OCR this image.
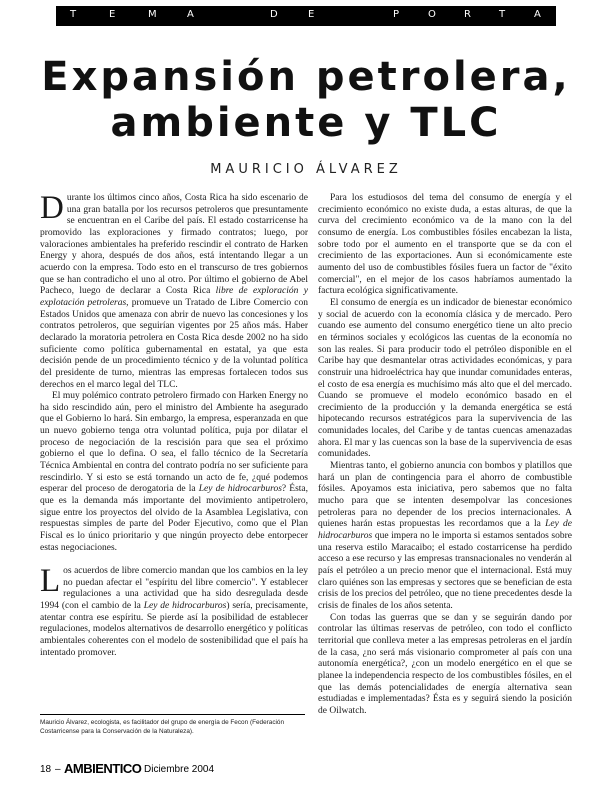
T	E	M	A	D	E	P	O	R	T	A	D	A
Expansión petrolera,
ambiente y TLC
MAURICIO ÁLVAREZ

Durante los últimos cinco años, Costa Rica ha sido escenario de una gran batalla por los recursos petroleros que presuntamente se encuentran en el Caribe del país. El estado costarricense ha promovido las exploraciones y firmado contratos; luego, por valoraciones ambientales ha preferido rescindir el contrato de Harken Energy y ahora, después de dos años, está intentando llegar a un acuerdo con la empresa. Todo esto en el transcurso de tres gobiernos que se han contradicho el uno al otro. Por último el gobierno de Abel Pacheco, luego de declarar a Costa Rica libre de exploración y explotación petroleras, promueve un Tratado de Libre Comercio con Estados Unidos que amenaza con abrir de nuevo las concesiones y los contratos petroleros, que seguirían vigentes por 25 años más. Haber declarado la moratoria petrolera en Costa Rica desde 2002 no ha sido suficiente como política gubernamental en estatal, ya que esta decisión pende de un procedimiento técnico y de la voluntad política del presidente de turno, mientras las empresas fortalecen todos sus derechos en el marco legal del TLC.

El muy polémico contrato petrolero firmado con Harken Energy no ha sido rescindido aún, pero el ministro del Ambiente ha asegurado que el Gobierno lo hará. Sin embargo, la empresa, esperanzada en que un nuevo gobierno tenga otra voluntad política, puja por dilatar el proceso de negociación de la rescisión para que sea el próximo gobierno el que lo defina. O sea, el fallo técnico de la Secretaría Técnica Ambiental en contra del contrato podría no ser suficiente para rescindirlo. Y si esto se está tornando un acto de fe, ¿qué podemos esperar del proceso de derogatoria de la Ley de hidrocarburos? Ésta, que es la demanda más importante del movimiento antipetrolero, sigue entre los proyectos del olvido de la Asamblea Legislativa, con respuestas simples de parte del Poder Ejecutivo, como que el Plan Fiscal es lo único prioritario y que ningún proyecto debe entorpecer estas negociaciones.

Los acuerdos de libre comercio mandan que los cambios en la ley no puedan afectar el "espíritu del libre comercio". Y establecer regulaciones a una actividad que ha sido desregulada desde 1994 (con el cambio de la Ley de hidrocarburos) sería, precisamente, atentar contra ese espíritu. Se pierde así la posibilidad de establecer regulaciones, modelos alternativos de desarrollo energético y políticas ambientales coherentes con el modelo de sostenibilidad que el país ha intentado promover.

Para los estudiosos del tema del consumo de energía y el crecimiento económico no existe duda, a estas alturas, de que la curva del crecimiento económico va de la mano con la del consumo de energía. Los combustibles fósiles encabezan la lista, sobre todo por el aumento en el transporte que se da con el crecimiento de las exportaciones. Aun si económicamente este aumento del uso de combustibles fósiles fuera un factor de "éxito comercial", en el mejor de los casos habríamos aumentado la factura ecológica significativamente.

El consumo de energía es un indicador de bienestar económico y social de acuerdo con la economía clásica y de mercado. Pero cuando ese aumento del consumo energético tiene un alto precio en términos sociales y ecológicos las cuentas de la economía no son las reales. Si para producir todo el petróleo disponible en el Caribe hay que desmantelar otras actividades económicas, y para construir una hidroeléctrica hay que inundar comunidades enteras, el costo de esa energía es muchísimo más alto que el del mercado. Cuando se promueve el modelo económico basado en el crecimiento de la producción y la demanda energética se está hipotecando recursos estratégicos para la supervivencia de las comunidades locales, del Caribe y de tantas cuencas amenazadas ahora. El mar y las cuencas son la base de la supervivencia de esas comunidades.

Mientras tanto, el gobierno anuncia con bombos y platillos que hará un plan de contingencia para el ahorro de combustible fósiles. Apoyamos esta iniciativa, pero sabemos que no falta mucho para que se intenten desempolvar las concesiones petroleras para no depender de los precios internacionales. A quienes harán estas propuestas les recordamos que a la Ley de hidrocarburos que impera no le importa si estamos sentados sobre una reserva estilo Maracaibo; el estado costarricense ha perdido acceso a ese recurso y las empresas transnacionales no venderán al país el petróleo a un precio menor que el internacional. Está muy claro quiénes son las empresas y sectores que se benefician de esta crisis de los precios del petróleo, que no tiene precedentes desde la crisis de finales de los años setenta.

Con todas las guerras que se dan y se seguirán dando por controlar las últimas reservas de petróleo, con todo el conflicto territorial que conlleva meter a las empresas petroleras en el jardín de la casa, ¿no será más visionario comprometer al país con una autonomía energética?, ¿con un modelo energético en el que se planee la independencia respecto de los combustibles fósiles, en el que las demás potencialidades de energía alternativa sean estudiadas e implementadas? Ésta es y seguirá siendo la posición de Oilwatch.

Mauricio Álvarez, ecologista, es facilitador del grupo de energía de Fecon (Federación Costarricense para la Conservación de la Naturaleza).
18 – AMBIENTICO Diciembre 2004
